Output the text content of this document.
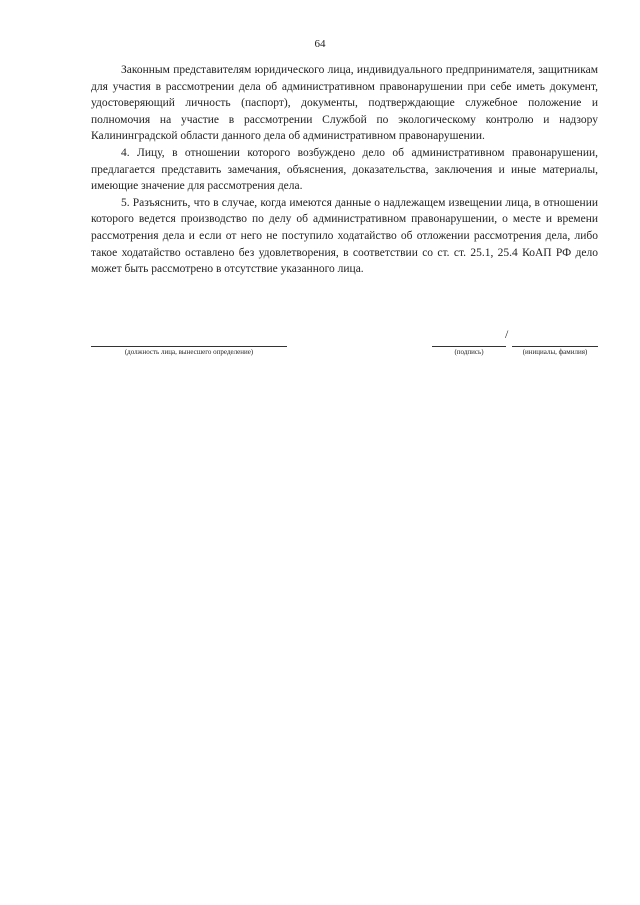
64

Законным представителям юридического лица, индивидуального предпринимателя, защитникам для участия в рассмотрении дела об административном правонарушении при себе иметь документ, удостоверяющий личность (паспорт), документы, подтверждающие служебное положение и полномочия на участие в рассмотрении Службой по экологическому контролю и надзору Калининградской области данного дела об административном правонарушении.

4. Лицу, в отношении которого возбуждено дело об административном правонарушении, предлагается представить замечания, объяснения, доказательства, заключения и иные материалы, имеющие значение для рассмотрения дела.

5. Разъяснить, что в случае, когда имеются данные о надлежащем извещении лица, в отношении которого ведется производство по делу об административном правонарушении, о месте и времени рассмотрения дела и если от него не поступило ходатайство об отложении рассмотрения дела, либо такое ходатайство оставлено без удовлетворения, в соответствии со ст. ст. 25.1, 25.4 КоАП РФ дело может быть рассмотрено в отсутствие указанного лица.

(должность лица, вынесшего определение)
/
(подпись)	(инициалы, фамилия)
